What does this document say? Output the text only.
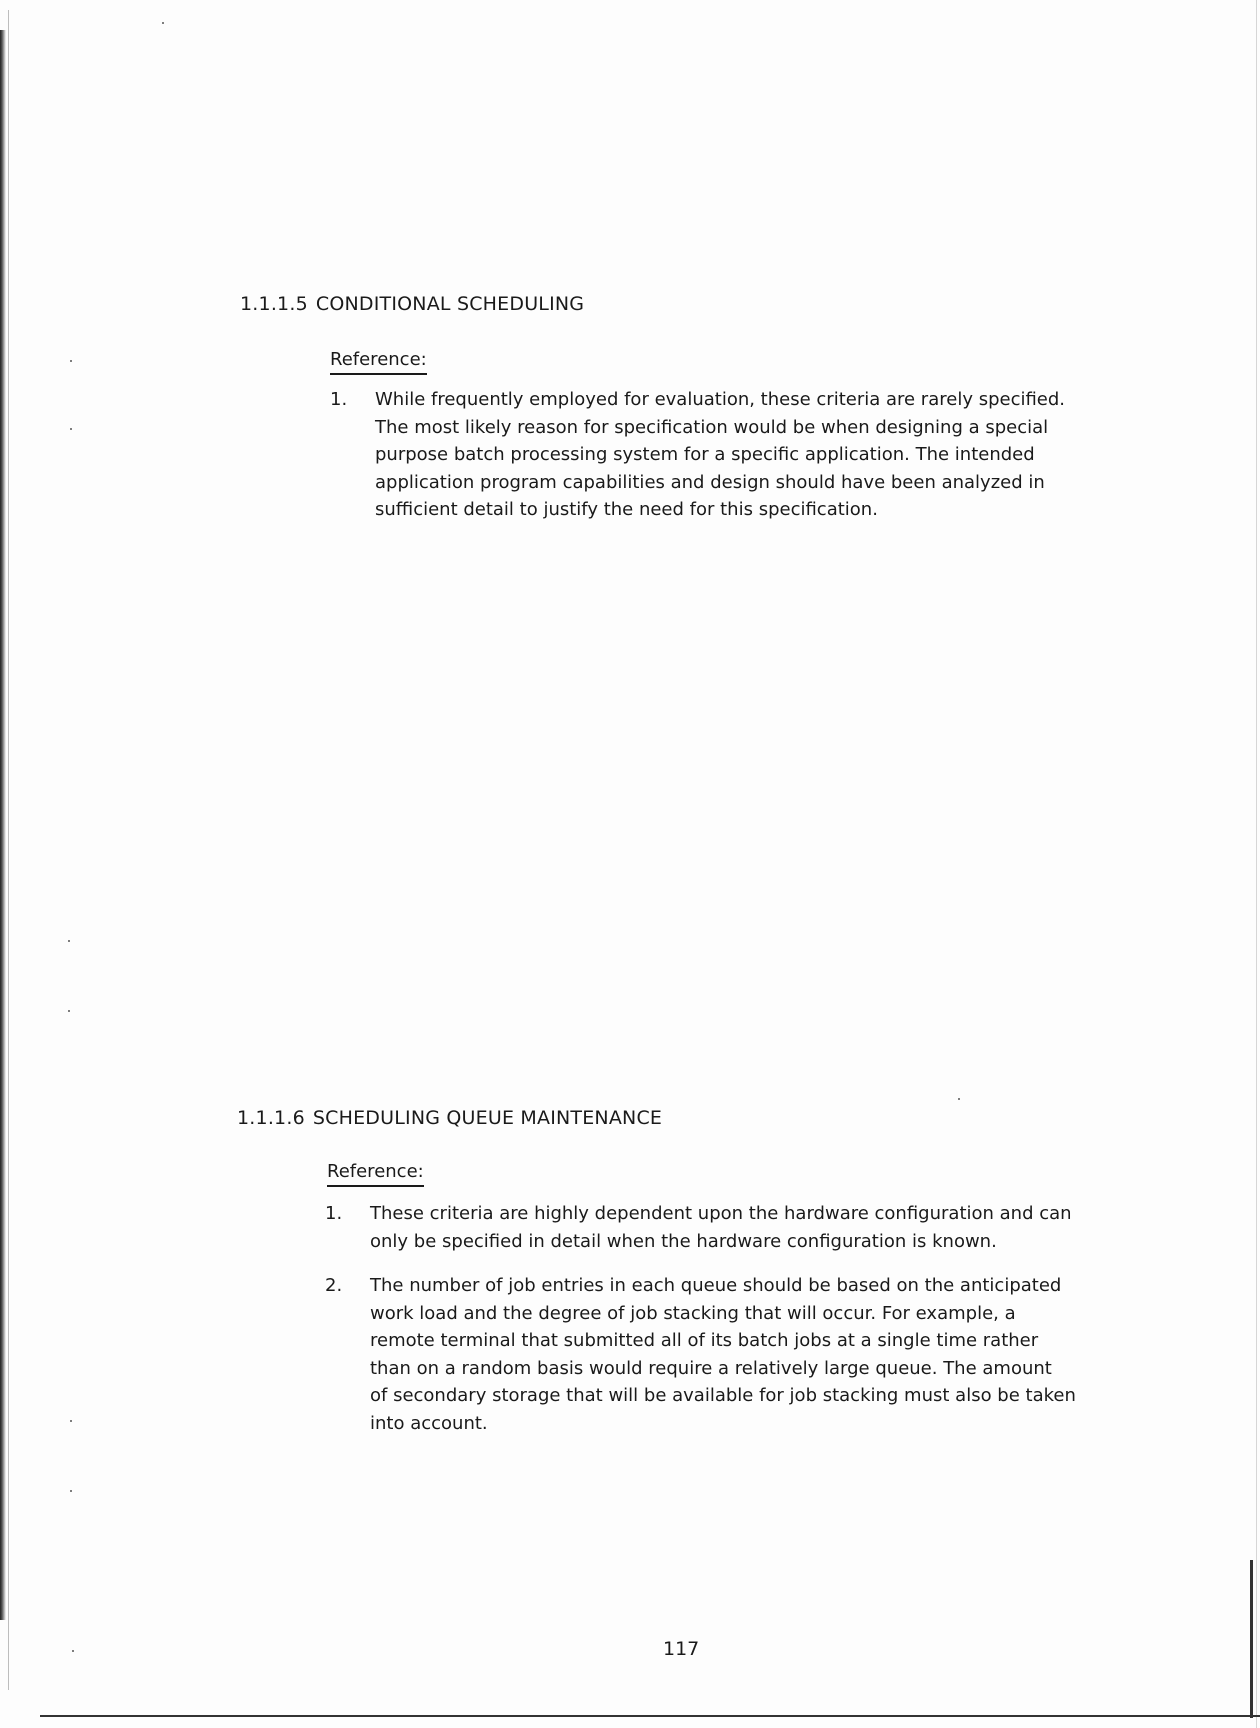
1.1.1.5 CONDITIONAL SCHEDULING
Reference:
1. While frequently employed for evaluation, these criteria are rarely specified.
The most likely reason for specification would be when designing a special
purpose batch processing system for a specific application. The intended
application program capabilities and design should have been analyzed in
sufficient detail to justify the need for this specification.
1.1.1.6 SCHEDULING QUEUE MAINTENANCE
Reference:
1. These criteria are highly dependent upon the hardware configuration and can
only be specified in detail when the hardware configuration is known.
2. The number of job entries in each queue should be based on the anticipated
work load and the degree of job stacking that will occur. For example, a
remote terminal that submitted all of its batch jobs at a single time rather
than on a random basis would require a relatively large queue. The amount
of secondary storage that will be available for job stacking must also be taken
into account.
117
